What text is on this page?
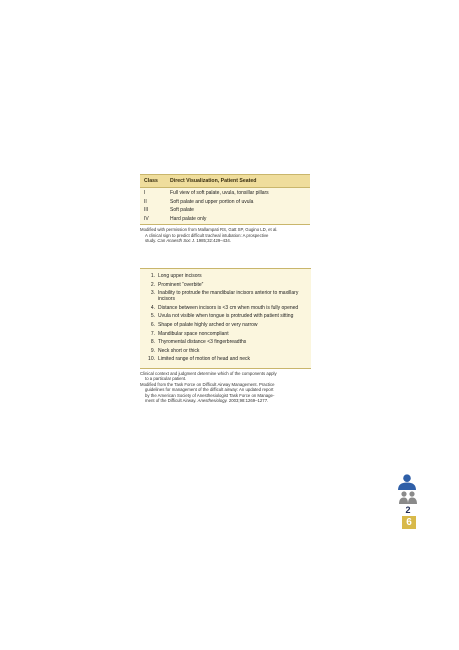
Class	Direct Visualization, Patient Seated
I	Full view of soft palate, uvula, tonsillar pillars
II	Soft palate and upper portion of uvula
III	Soft palate
IV	Hard palate only
Modified with permission from Mallampati RS, Gatt SP, Gugino LD, et al.
A clinical sign to predict difficult tracheal intubation: A prospective
study. Can Anaesth Soc J. 1985;32:429–434.
1. Long upper incisors
2. Prominent “overbite”
3. Inability to protrude the mandibular incisors anterior to maxillary incisors
4. Distance between incisors is <3 cm when mouth is fully opened
5. Uvula not visible when tongue is protruded with patient sitting
6. Shape of palate highly arched or very narrow
7. Mandibular space noncompliant
8. Thyromental distance <3 fingerbreadths
9. Neck short or thick
10. Limited range of motion of head and neck
Clinical context and judgment determine which of the components apply
to a particular patient.
Modified from the Task Force on Difficult Airway Management. Practice
guidelines for management of the difficult airway: An updated report
by the American Society of Anesthesiologist Task Force on Manage-
ment of the Difficult Airway. Anesthesiology. 2003;98:1269–1277.
2
6
